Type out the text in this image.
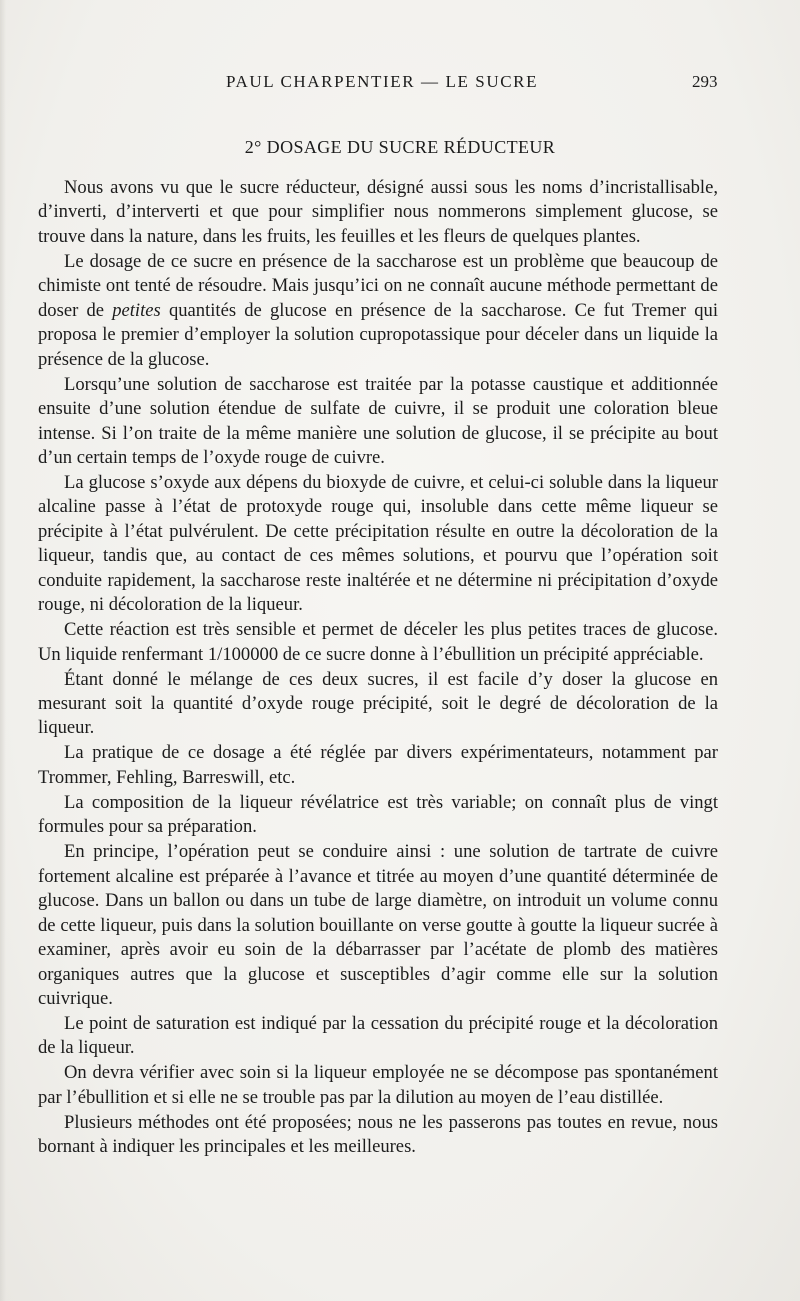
PAUL CHARPENTIER — LE SUCRE	293
2° DOSAGE DU SUCRE RÉDUCTEUR

Nous avons vu que le sucre réducteur, désigné aussi sous les noms d’incristallisable, d’inverti, d’interverti et que pour simplifier nous nommerons simplement glucose, se trouve dans la nature, dans les fruits, les feuilles et les fleurs de quelques plantes.

Le dosage de ce sucre en présence de la saccharose est un problème que beaucoup de chimiste ont tenté de résoudre. Mais jusqu’ici on ne connaît aucune méthode permettant de doser de petites quantités de glucose en présence de la saccharose. Ce fut Tremer qui proposa le premier d’employer la solution cupropotassique pour déceler dans un liquide la présence de la glucose.

Lorsqu’une solution de saccharose est traitée par la potasse caustique et additionnée ensuite d’une solution étendue de sulfate de cuivre, il se produit une coloration bleue intense. Si l’on traite de la même manière une solution de glucose, il se précipite au bout d’un certain temps de l’oxyde rouge de cuivre.

La glucose s’oxyde aux dépens du bioxyde de cuivre, et celui-ci soluble dans la liqueur alcaline passe à l’état de protoxyde rouge qui, insoluble dans cette même liqueur se précipite à l’état pulvérulent. De cette précipitation résulte en outre la décoloration de la liqueur, tandis que, au contact de ces mêmes solutions, et pourvu que l’opération soit conduite rapidement, la saccharose reste inaltérée et ne détermine ni précipitation d’oxyde rouge, ni décoloration de la liqueur.

Cette réaction est très sensible et permet de déceler les plus petites traces de glucose. Un liquide renfermant 1/100000 de ce sucre donne à l’ébullition un précipité appréciable.

Étant donné le mélange de ces deux sucres, il est facile d’y doser la glucose en mesurant soit la quantité d’oxyde rouge précipité, soit le degré de décoloration de la liqueur.

La pratique de ce dosage a été réglée par divers expérimentateurs, notamment par Trommer, Fehling, Barreswill, etc.

La composition de la liqueur révélatrice est très variable; on connaît plus de vingt formules pour sa préparation.

En principe, l’opération peut se conduire ainsi : une solution de tartrate de cuivre fortement alcaline est préparée à l’avance et titrée au moyen d’une quantité déterminée de glucose. Dans un ballon ou dans un tube de large diamètre, on introduit un volume connu de cette liqueur, puis dans la solution bouillante on verse goutte à goutte la liqueur sucrée à examiner, après avoir eu soin de la débarrasser par l’acétate de plomb des matières organiques autres que la glucose et susceptibles d’agir comme elle sur la solution cuivrique.

Le point de saturation est indiqué par la cessation du précipité rouge et la décoloration de la liqueur.

On devra vérifier avec soin si la liqueur employée ne se décompose pas spontanément par l’ébullition et si elle ne se trouble pas par la dilution au moyen de l’eau distillée.

Plusieurs méthodes ont été proposées; nous ne les passerons pas toutes en revue, nous bornant à indiquer les principales et les meilleures.
